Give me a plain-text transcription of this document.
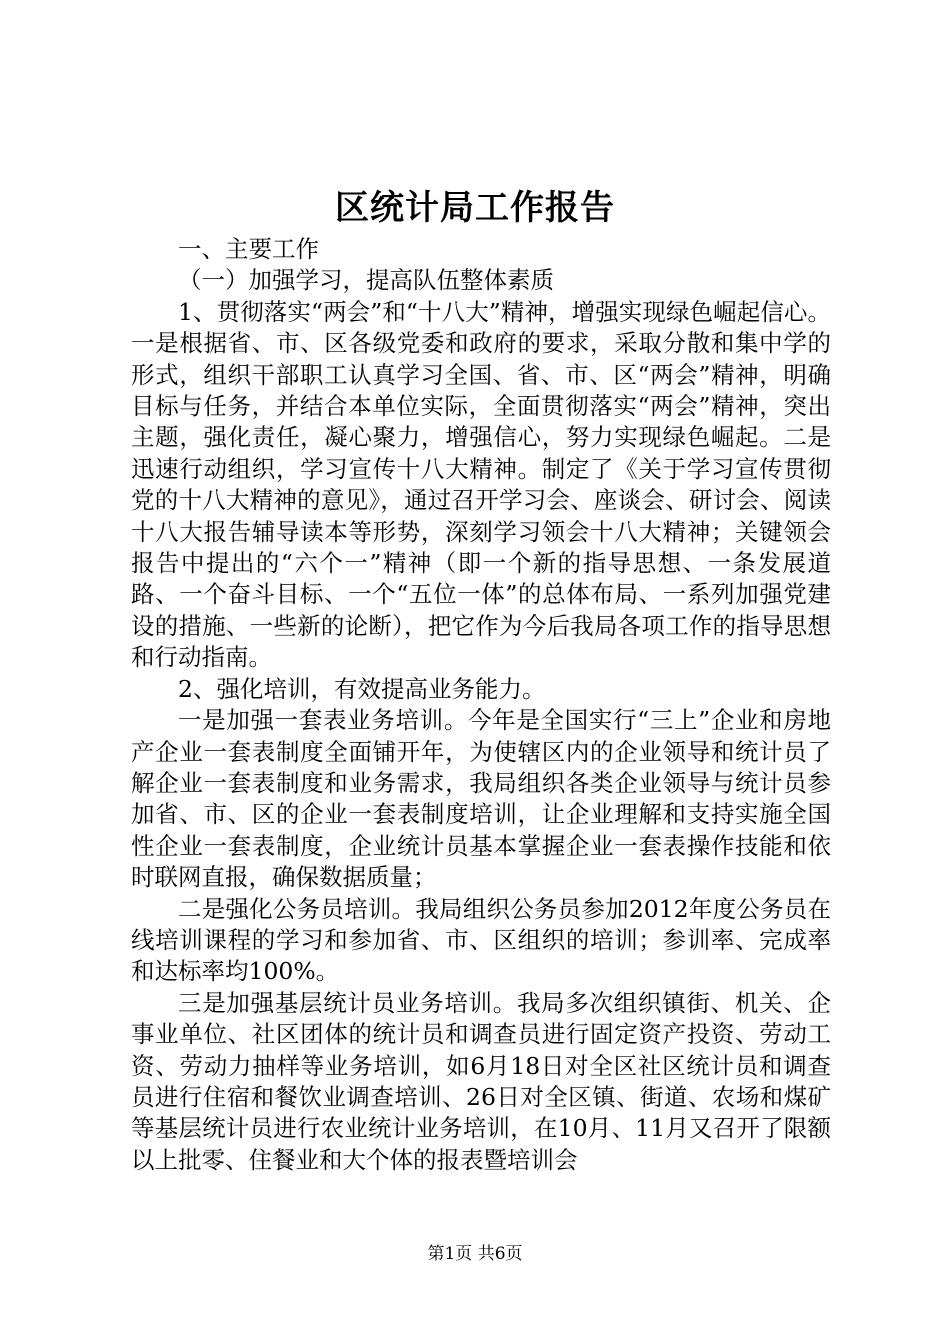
区统计局工作报告

一、主要工作

（一）加强学习，提高队伍整体素质

1、贯彻落实“两会”和“十八大”精神，增强实现绿色崛起信心。一是根据省、市、区各级党委和政府的要求，采取分散和集中学的形式，组织干部职工认真学习全国、省、市、区“两会”精神，明确目标与任务，并结合本单位实际，全面贯彻落实“两会”精神，突出主题，强化责任，凝心聚力，增强信心，努力实现绿色崛起。二是迅速行动组织，学习宣传十八大精神。制定了《关于学习宣传贯彻党的十八大精神的意见》，通过召开学习会、座谈会、研讨会、阅读十八大报告辅导读本等形势，深刻学习领会十八大精神；关键领会报告中提出的“六个一”精神（即一个新的指导思想、一条发展道路、一个奋斗目标、一个“五位一体”的总体布局、一系列加强党建设的措施、一些新的论断），把它作为今后我局各项工作的指导思想和行动指南。

2、强化培训，有效提高业务能力。

一是加强一套表业务培训。今年是全国实行“三上”企业和房地产企业一套表制度全面铺开年，为使辖区内的企业领导和统计员了解企业一套表制度和业务需求，我局组织各类企业领导与统计员参加省、市、区的企业一套表制度培训，让企业理解和支持实施全国性企业一套表制度，企业统计员基本掌握企业一套表操作技能和依时联网直报，确保数据质量；

二是强化公务员培训。我局组织公务员参加2012年度公务员在线培训课程的学习和参加省、市、区组织的培训；参训率、完成率和达标率均100%。

三是加强基层统计员业务培训。我局多次组织镇街、机关、企事业单位、社区团体的统计员和调查员进行固定资产投资、劳动工资、劳动力抽样等业务培训，如6月18日对全区社区统计员和调查员进行住宿和餐饮业调查培训、26日对全区镇、街道、农场和煤矿等基层统计员进行农业统计业务培训，在10月、11月又召开了限额以上批零、住餐业和大个体的报表暨培训会

第1页 共6页
